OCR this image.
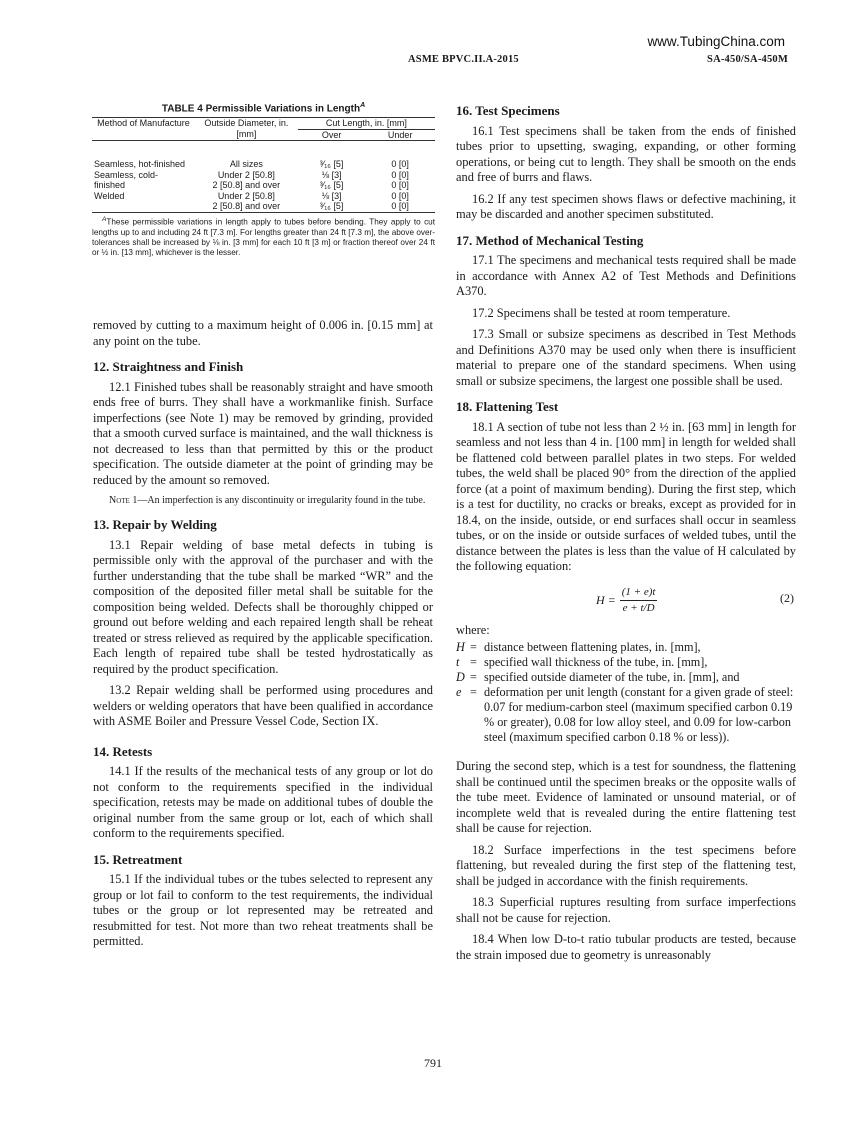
www.TubingChina.com
ASME BPVC.II.A-2015	SA-450/SA-450M
TABLE 4 Permissible Variations in Length$^A$
Method of Manufacture	Outside Diameter, in. [mm]	Cut Length, in. [mm]	
		Over	Under

Seamless, hot-finished	All sizes	³⁄₁₆ [5]	0 [0]
Seamless, cold-	Under 2 [50.8]	⅛ [3]	0 [0]
finished	2 [50.8] and over	³⁄₁₆ [5]	0 [0]
Welded	Under 2 [50.8]	⅛ [3]	0 [0]
	2 [50.8] and over	³⁄₁₆ [5]	0 [0]
$^A$These permissible variations in length apply to tubes before bending. They apply to cut lengths up to and including 24 ft [7.3 m]. For lengths greater than 24 ft [7.3 m], the above over-tolerances shall be increased by ⅛ in. [3 mm] for each 10 ft [3 m] or fraction thereof over 24 ft or ½ in. [13 mm], whichever is the lesser.

removed by cutting to a maximum height of 0.006 in. [0.15 mm] at any point on the tube.

12. Straightness and Finish

12.1 Finished tubes shall be reasonably straight and have smooth ends free of burrs. They shall have a workmanlike finish. Surface imperfections (see Note 1) may be removed by grinding, provided that a smooth curved surface is maintained, and the wall thickness is not decreased to less than that permitted by this or the product specification. The outside diameter at the point of grinding may be reduced by the amount so removed.

Note 1—An imperfection is any discontinuity or irregularity found in the tube.

13. Repair by Welding

13.1 Repair welding of base metal defects in tubing is permissible only with the approval of the purchaser and with the further understanding that the tube shall be marked “WR” and the composition of the deposited filler metal shall be suitable for the composition being welded. Defects shall be thoroughly chipped or ground out before welding and each repaired length shall be reheat treated or stress relieved as required by the applicable specification. Each length of repaired tube shall be tested hydrostatically as required by the product specification.

13.2 Repair welding shall be performed using procedures and welders or welding operators that have been qualified in accordance with ASME Boiler and Pressure Vessel Code, Section IX.

14. Retests

14.1 If the results of the mechanical tests of any group or lot do not conform to the requirements specified in the individual specification, retests may be made on additional tubes of double the original number from the same group or lot, each of which shall conform to the requirements specified.

15. Retreatment

15.1 If the individual tubes or the tubes selected to represent any group or lot fail to conform to the test requirements, the individual tubes or the group or lot represented may be retreated and resubmitted for test. Not more than two reheat treatments shall be permitted.

16. Test Specimens

16.1 Test specimens shall be taken from the ends of finished tubes prior to upsetting, swaging, expanding, or other forming operations, or being cut to length. They shall be smooth on the ends and free of burrs and flaws.

16.2 If any test specimen shows flaws or defective machining, it may be discarded and another specimen substituted.

17. Method of Mechanical Testing

17.1 The specimens and mechanical tests required shall be made in accordance with Annex A2 of Test Methods and Definitions A370.

17.2 Specimens shall be tested at room temperature.

17.3 Small or subsize specimens as described in Test Methods and Definitions A370 may be used only when there is insufficient material to prepare one of the standard specimens. When using small or subsize specimens, the largest one possible shall be used.

18. Flattening Test

18.1 A section of tube not less than 2 ½ in. [63 mm] in length for seamless and not less than 4 in. [100 mm] in length for welded shall be flattened cold between parallel plates in two steps. For welded tubes, the weld shall be placed 90° from the direction of the applied force (at a point of maximum bending). During the first step, which is a test for ductility, no cracks or breaks, except as provided for in 18.4, on the inside, outside, or end surfaces shall occur in seamless tubes, or on the inside or outside surfaces of welded tubes, until the distance between the plates is less than the value of H calculated by the following equation:

$H = \frac{(1 + e)t}{e + t/D}$	(2)

where:

H = distance between flattening plates, in. [mm],
t = specified wall thickness of the tube, in. [mm],
D = specified outside diameter of the tube, in. [mm], and
e = deformation per unit length (constant for a given grade of steel: 0.07 for medium-carbon steel (maximum specified carbon 0.19 % or greater), 0.08 for low alloy steel, and 0.09 for low-carbon steel (maximum specified carbon 0.18 % or less)).

During the second step, which is a test for soundness, the flattening shall be continued until the specimen breaks or the opposite walls of the tube meet. Evidence of laminated or unsound material, or of incomplete weld that is revealed during the entire flattening test shall be cause for rejection.

18.2 Surface imperfections in the test specimens before flattening, but revealed during the first step of the flattening test, shall be judged in accordance with the finish requirements.

18.3 Superficial ruptures resulting from surface imperfections shall not be cause for rejection.

18.4 When low D-to-t ratio tubular products are tested, because the strain imposed due to geometry is unreasonably

791
